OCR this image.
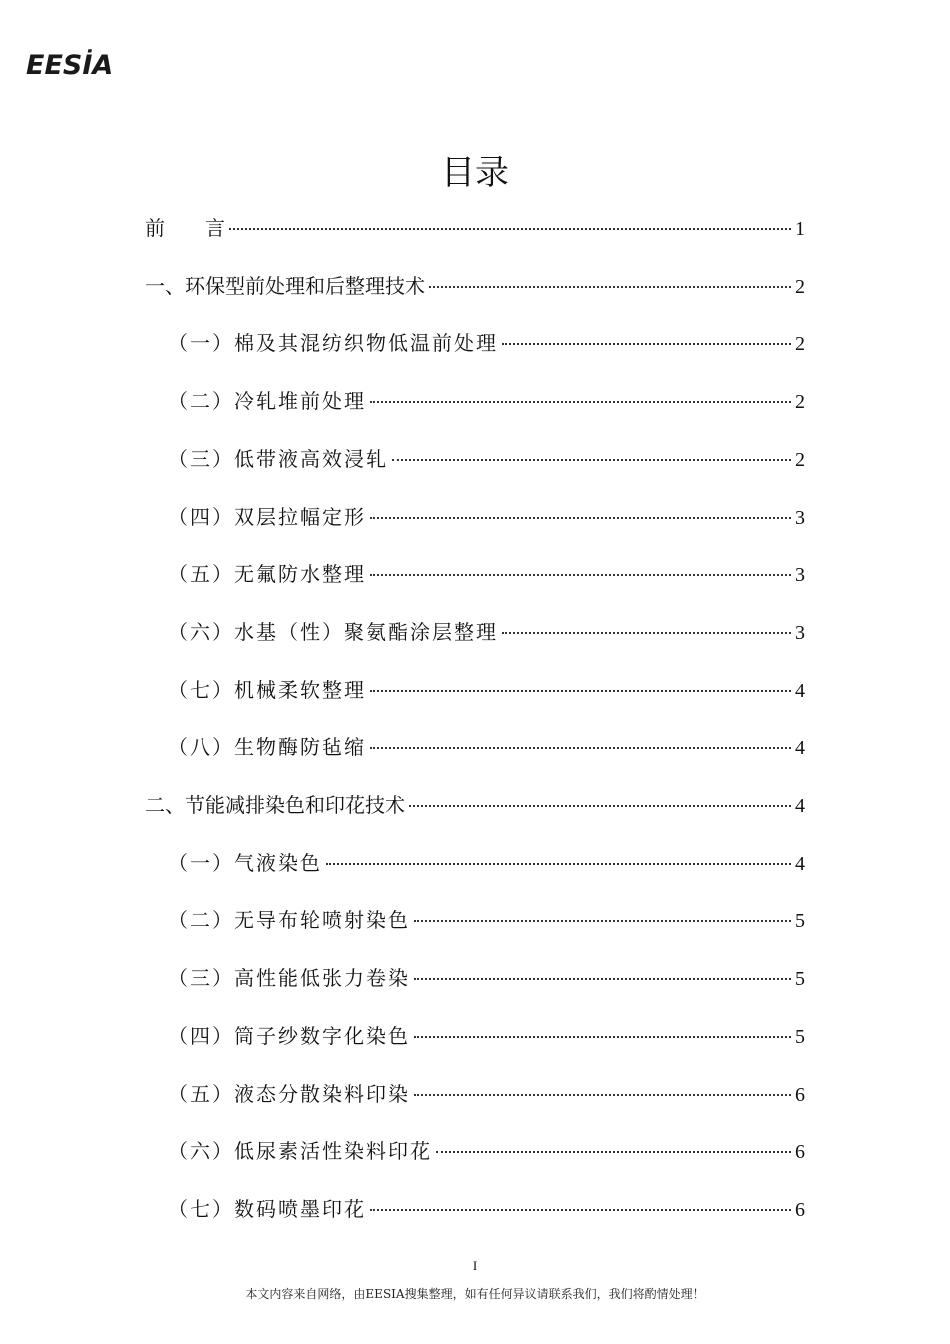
EESİA
目录
前　　言	1
一、环保型前处理和后整理技术	2
（一）棉及其混纺织物低温前处理	2
（二）冷轧堆前处理	2
（三）低带液高效浸轧	2
（四）双层拉幅定形	3
（五）无氟防水整理	3
（六）水基（性）聚氨酯涂层整理	3
（七）机械柔软整理	4
（八）生物酶防毡缩	4
二、节能减排染色和印花技术	4
（一）气液染色	4
（二）无导布轮喷射染色	5
（三）高性能低张力卷染	5
（四）筒子纱数字化染色	5
（五）液态分散染料印染	6
（六）低尿素活性染料印花	6
（七）数码喷墨印花	6
I
本文内容来自网络，由EESIA搜集整理，如有任何异议请联系我们，我们将酌情处理！
